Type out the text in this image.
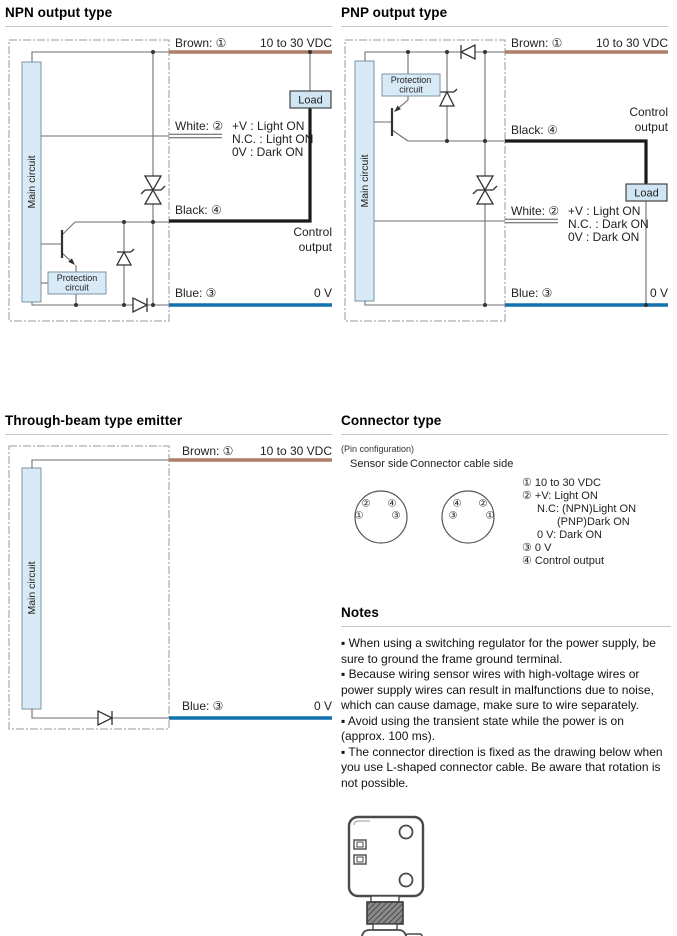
NPN output type
Main circuit
Protection
circuit
Load
Brown: ①	10 to 30 VDC
White: ② +V : Light ON
N.C. : Light ON
0V : Dark ON
Black: ④
Control
output
Blue: ③	0 V
PNP output type
Main circuit
Protection
circuit
Load
Brown: ①	10 to 30 VDC
Control
output
Black: ④
White: ② +V : Light ON
N.C. : Dark ON
0V : Dark ON
Blue: ③	0 V
Through-beam type emitter
Main circuit
Brown: ① 10 to 30 VDC
Blue: ③	0 V
Connector type
(Pin configuration)
Sensor side Connector cable side
② ④
①	③
④ ②
③	①
① 10 to 30 VDC
② +V: Light ON
N.C: (NPN)Light ON
(PNP)Dark ON
0 V: Dark ON
③ 0 V
④ Control output
Notes

▪ When using a switching regulator for the power supply, be sure to ground the frame ground terminal.

▪ Because wiring sensor wires with high-voltage wires or power supply wires can result in malfunctions due to noise, which can cause damage, make sure to wire separately.

▪ Avoid using the transient state while the power is on (approx. 100 ms).

▪ The connector direction is fixed as the drawing below when you use L-shaped connector cable. Be aware that rotation is not possible.
